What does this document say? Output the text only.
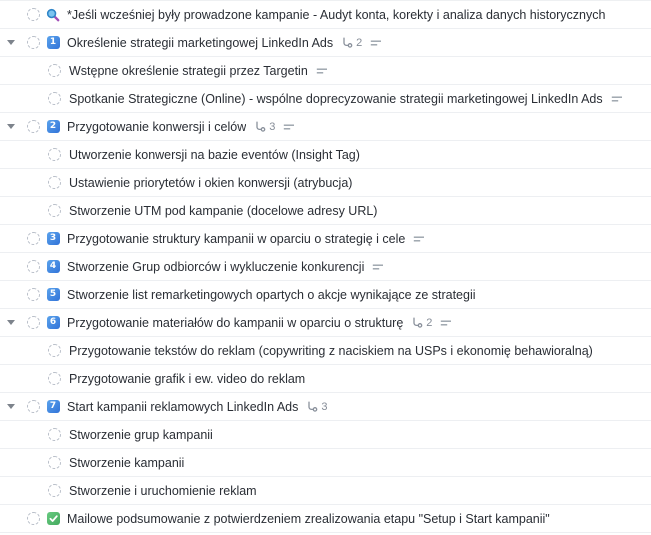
*Jeśli wcześniej były prowadzone kampanie - Audyt konta, korekty i analiza danych historycznych
1 Określenie strategii marketingowej LinkedIn Ads 2
Wstępne określenie strategii przez Targetin
Spotkanie Strategiczne (Online) - wspólne doprecyzowanie strategii marketingowej LinkedIn Ads
2 Przygotowanie konwersji i celów 3
Utworzenie konwersji na bazie eventów (Insight Tag)
Ustawienie priorytetów i okien konwersji (atrybucja)
Stworzenie UTM pod kampanie (docelowe adresy URL)
3 Przygotowanie struktury kampanii w oparciu o strategię i cele
4 Stworzenie Grup odbiorców i wykluczenie konkurencji
5 Stworzenie list remarketingowych opartych o akcje wynikające ze strategii
6 Przygotowanie materiałów do kampanii w oparciu o strukturę 2
Przygotowanie tekstów do reklam (copywriting z naciskiem na USPs i ekonomię behawioralną)
Przygotowanie grafik i ew. video do reklam
7 Start kampanii reklamowych LinkedIn Ads 3
Stworzenie grup kampanii
Stworzenie kampanii
Stworzenie i uruchomienie reklam
Mailowe podsumowanie z potwierdzeniem zrealizowania etapu "Setup i Start kampanii"
